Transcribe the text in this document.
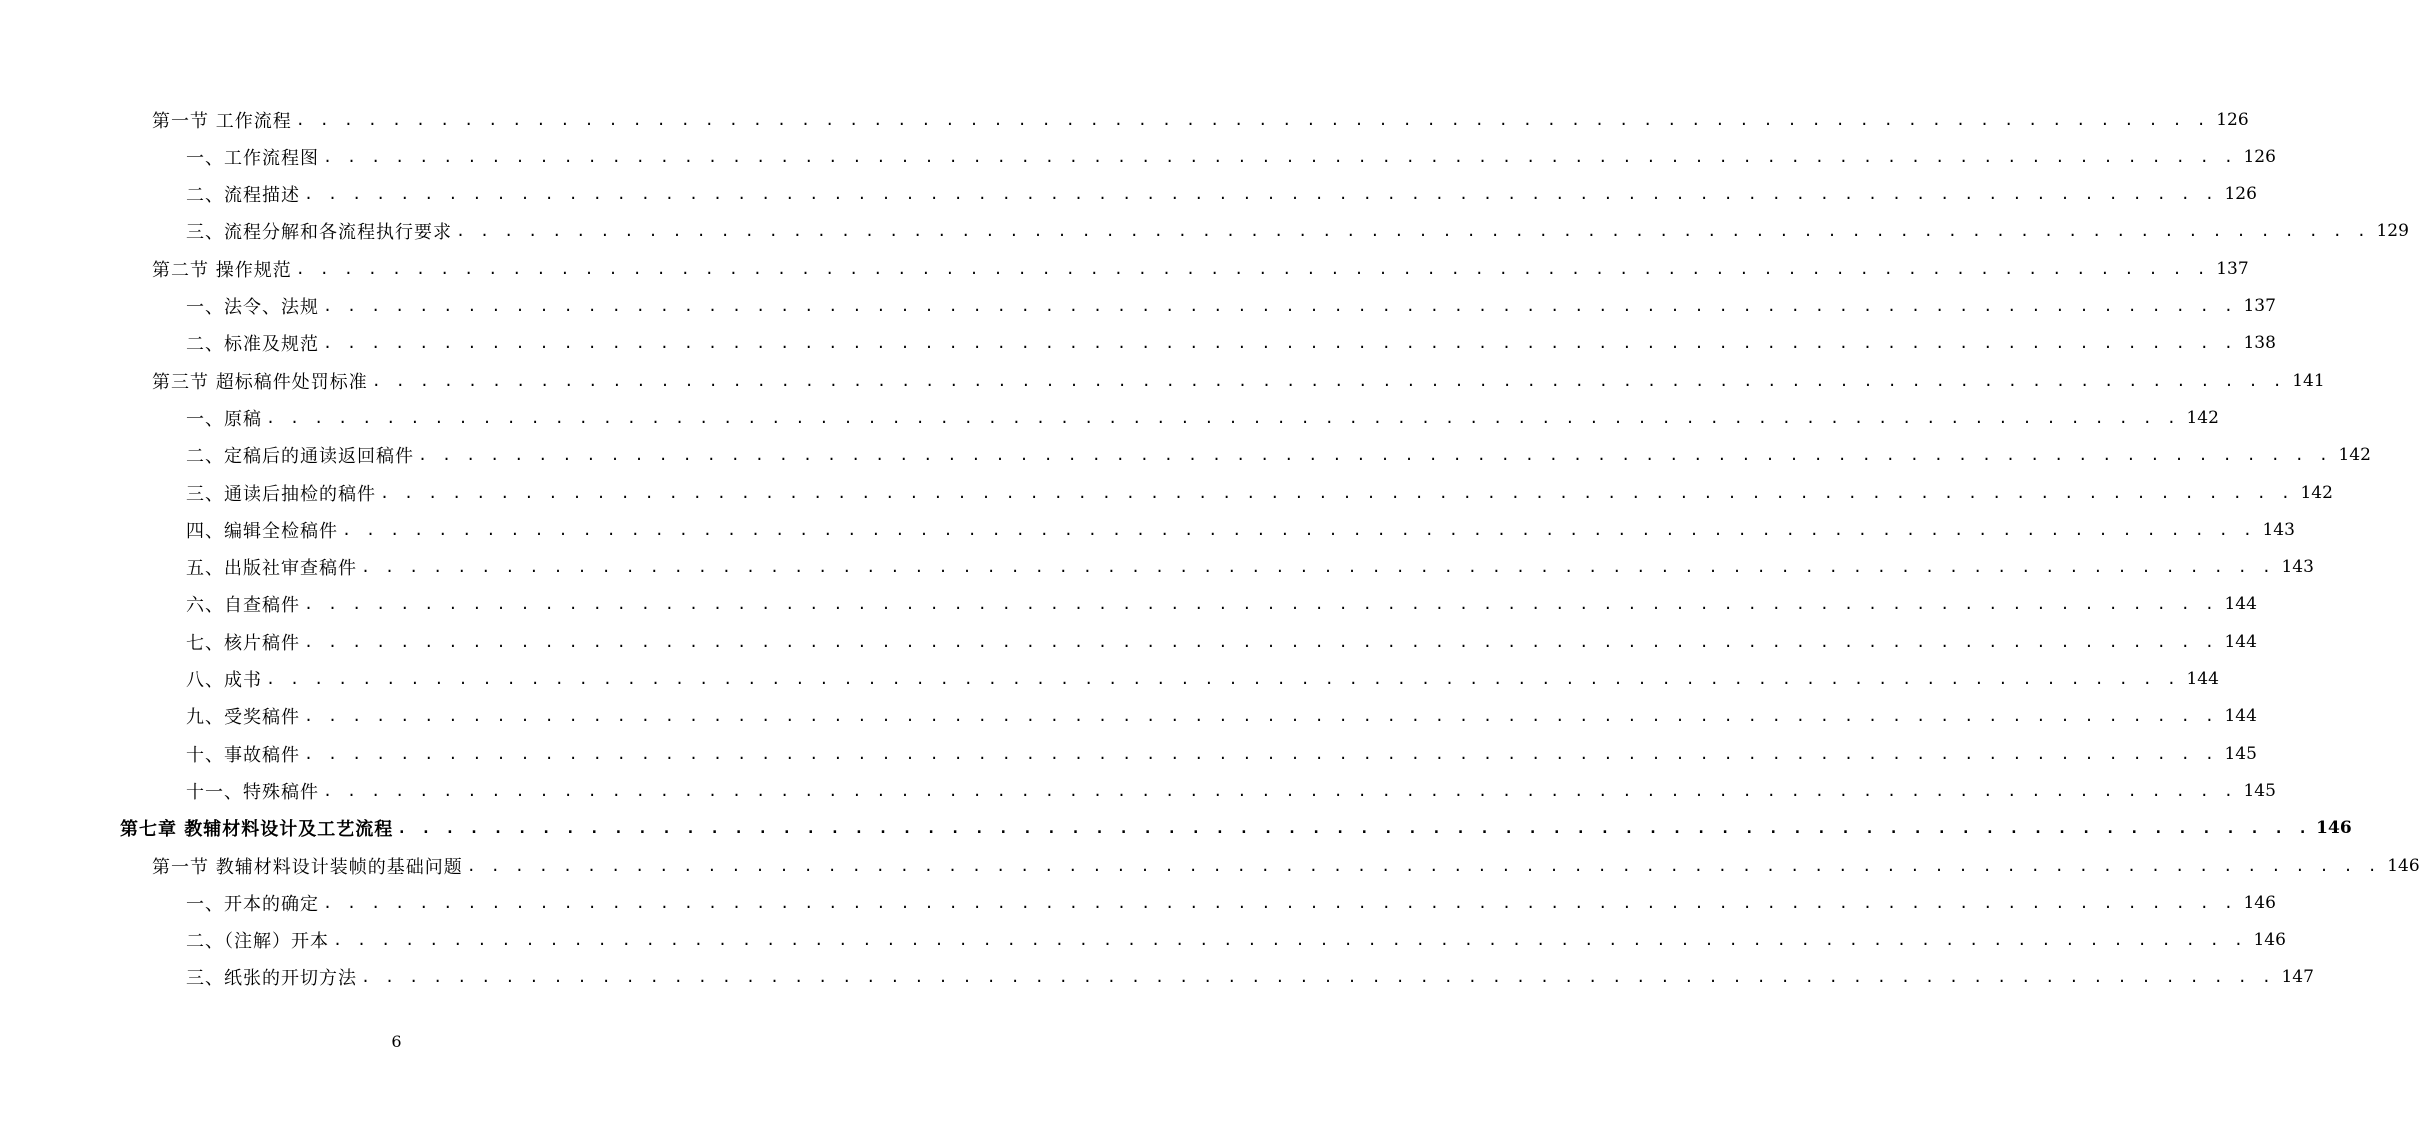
第一节 工作流程 . . . . . . . . . . . . . . . . . . . . . . . . . . . . . . . . . . . . . . . . . . . . . . . . . . . . . . . . . . . . . . . . . . . . . . . . . . . . . . . . 126
一、工作流程图 . . . . . . . . . . . . . . . . . . . . . . . . . . . . . . . . . . . . . . . . . . . . . . . . . . . . . . . . . . . . . . . . . . . . . . . . . . . . . . . . 126
二、流程描述 . . . . . . . . . . . . . . . . . . . . . . . . . . . . . . . . . . . . . . . . . . . . . . . . . . . . . . . . . . . . . . . . . . . . . . . . . . . . . . . . 126
三、流程分解和各流程执行要求 . . . . . . . . . . . . . . . . . . . . . . . . . . . . . . . . . . . . . . . . . . . . . . . . . . . . . . . . . . . . . . . . . . . . . . . . . . . . . . . . 129
第二节 操作规范 . . . . . . . . . . . . . . . . . . . . . . . . . . . . . . . . . . . . . . . . . . . . . . . . . . . . . . . . . . . . . . . . . . . . . . . . . . . . . . . . 137
一、法令、法规 . . . . . . . . . . . . . . . . . . . . . . . . . . . . . . . . . . . . . . . . . . . . . . . . . . . . . . . . . . . . . . . . . . . . . . . . . . . . . . . . 137
二、标准及规范 . . . . . . . . . . . . . . . . . . . . . . . . . . . . . . . . . . . . . . . . . . . . . . . . . . . . . . . . . . . . . . . . . . . . . . . . . . . . . . . . 138
第三节 超标稿件处罚标准 . . . . . . . . . . . . . . . . . . . . . . . . . . . . . . . . . . . . . . . . . . . . . . . . . . . . . . . . . . . . . . . . . . . . . . . . . . . . . . . . 141
一、原稿 . . . . . . . . . . . . . . . . . . . . . . . . . . . . . . . . . . . . . . . . . . . . . . . . . . . . . . . . . . . . . . . . . . . . . . . . . . . . . . . . 142
二、定稿后的通读返回稿件 . . . . . . . . . . . . . . . . . . . . . . . . . . . . . . . . . . . . . . . . . . . . . . . . . . . . . . . . . . . . . . . . . . . . . . . . . . . . . . . . 142
三、通读后抽检的稿件 . . . . . . . . . . . . . . . . . . . . . . . . . . . . . . . . . . . . . . . . . . . . . . . . . . . . . . . . . . . . . . . . . . . . . . . . . . . . . . . . 142
四、编辑全检稿件 . . . . . . . . . . . . . . . . . . . . . . . . . . . . . . . . . . . . . . . . . . . . . . . . . . . . . . . . . . . . . . . . . . . . . . . . . . . . . . . . 143
五、出版社审查稿件 . . . . . . . . . . . . . . . . . . . . . . . . . . . . . . . . . . . . . . . . . . . . . . . . . . . . . . . . . . . . . . . . . . . . . . . . . . . . . . . . 143
六、自查稿件 . . . . . . . . . . . . . . . . . . . . . . . . . . . . . . . . . . . . . . . . . . . . . . . . . . . . . . . . . . . . . . . . . . . . . . . . . . . . . . . . 144
七、核片稿件 . . . . . . . . . . . . . . . . . . . . . . . . . . . . . . . . . . . . . . . . . . . . . . . . . . . . . . . . . . . . . . . . . . . . . . . . . . . . . . . . 144
八、成书 . . . . . . . . . . . . . . . . . . . . . . . . . . . . . . . . . . . . . . . . . . . . . . . . . . . . . . . . . . . . . . . . . . . . . . . . . . . . . . . . 144
九、受奖稿件 . . . . . . . . . . . . . . . . . . . . . . . . . . . . . . . . . . . . . . . . . . . . . . . . . . . . . . . . . . . . . . . . . . . . . . . . . . . . . . . . 144
十、事故稿件 . . . . . . . . . . . . . . . . . . . . . . . . . . . . . . . . . . . . . . . . . . . . . . . . . . . . . . . . . . . . . . . . . . . . . . . . . . . . . . . . 145
十一、特殊稿件 . . . . . . . . . . . . . . . . . . . . . . . . . . . . . . . . . . . . . . . . . . . . . . . . . . . . . . . . . . . . . . . . . . . . . . . . . . . . . . . . 145
第七章 教辅材料设计及工艺流程 . . . . . . . . . . . . . . . . . . . . . . . . . . . . . . . . . . . . . . . . . . . . . . . . . . . . . . . . . . . . . . . . . . . . . . . . . . . . . . . . 146
第一节 教辅材料设计装帧的基础问题 . . . . . . . . . . . . . . . . . . . . . . . . . . . . . . . . . . . . . . . . . . . . . . . . . . . . . . . . . . . . . . . . . . . . . . . . . . . . . . . . 146
一、开本的确定 . . . . . . . . . . . . . . . . . . . . . . . . . . . . . . . . . . . . . . . . . . . . . . . . . . . . . . . . . . . . . . . . . . . . . . . . . . . . . . . . 146
二、（注解）开本 . . . . . . . . . . . . . . . . . . . . . . . . . . . . . . . . . . . . . . . . . . . . . . . . . . . . . . . . . . . . . . . . . . . . . . . . . . . . . . . . 146
三、纸张的开切方法 . . . . . . . . . . . . . . . . . . . . . . . . . . . . . . . . . . . . . . . . . . . . . . . . . . . . . . . . . . . . . . . . . . . . . . . . . . . . . . . . 147
6
